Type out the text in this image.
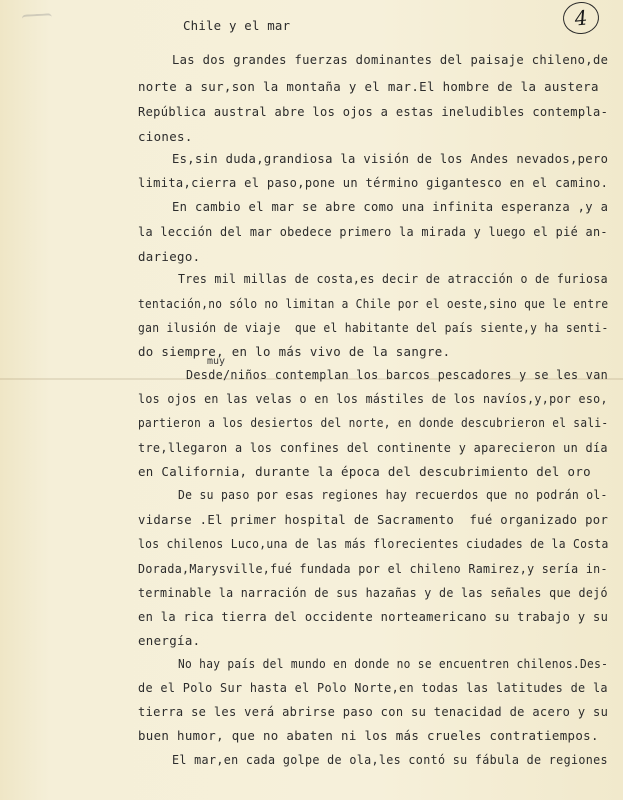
4
Chile y el mar
muy
Las dos grandes fuerzas dominantes del paisaje chileno,de
norte a sur,son la montaña y el mar.El hombre de la austera
República austral abre los ojos a estas ineludibles contempla-
ciones.
Es,sin duda,grandiosa la visión de los Andes nevados,pero
limita,cierra el paso,pone un término gigantesco en el camino.
En cambio el mar se abre como una infinita esperanza ,y a
la lección del mar obedece primero la mirada y luego el pié an-
dariego.
Tres mil millas de costa,es decir de atracción o de furiosa
tentación,no sólo no limitan a Chile por el oeste,sino que le entre
gan ilusión de viaje  que el habitante del país siente,y ha senti-
do siempre, en lo más vivo de la sangre.
Desde/niños contemplan los barcos pescadores y se les van
los ojos en las velas o en los mástiles de los navíos,y,por eso,
partieron a los desiertos del norte, en donde descubrieron el sali-
tre,llegaron a los confines del continente y aparecieron un día
en California, durante la época del descubrimiento del oro
De su paso por esas regiones hay recuerdos que no podrán ol-
vidarse .El primer hospital de Sacramento  fué organizado por
los chilenos Luco,una de las más florecientes ciudades de la Costa
Dorada,Marysville,fué fundada por el chileno Ramirez,y sería in-
terminable la narración de sus hazañas y de las señales que dejó
en la rica tierra del occidente norteamericano su trabajo y su
energía.
No hay país del mundo en donde no se encuentren chilenos.Des-
de el Polo Sur hasta el Polo Norte,en todas las latitudes de la
tierra se les verá abrirse paso con su tenacidad de acero y su
buen humor, que no abaten ni los más crueles contratiempos.
El mar,en cada golpe de ola,les contó su fábula de regiones
